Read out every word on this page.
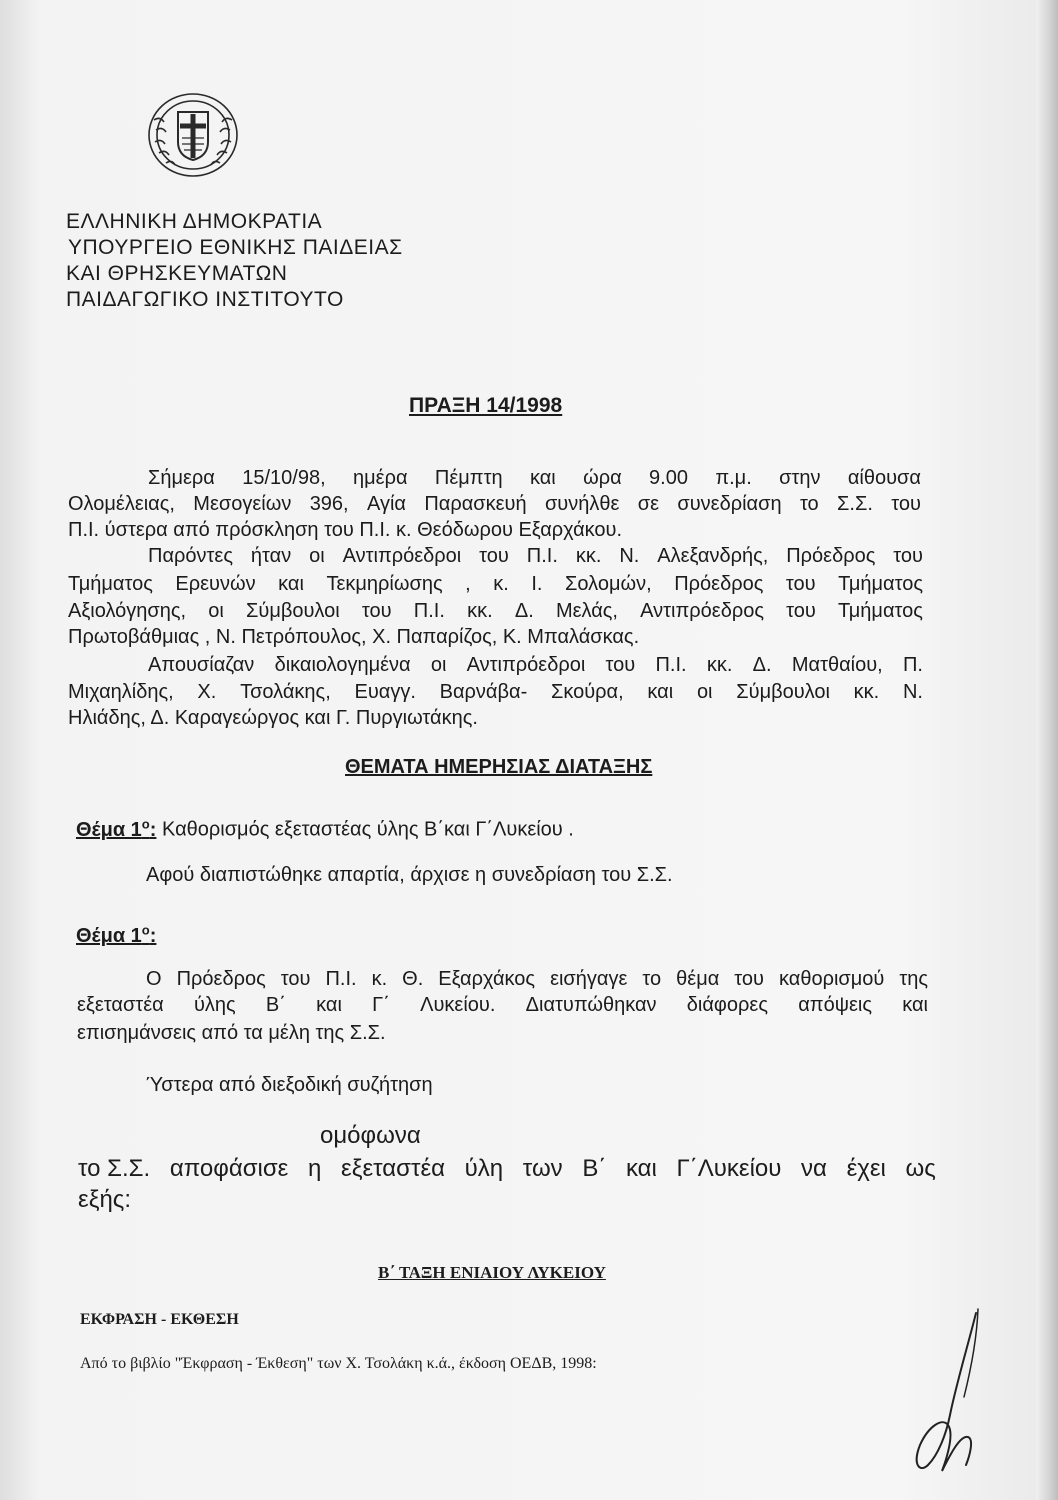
ΕΛΛΗΝΙΚΗ ΔΗΜΟΚΡΑΤΙΑ
ΥΠΟΥΡΓΕΙΟ ΕΘΝΙΚΗΣ ΠΑΙΔΕΙΑΣ
ΚΑΙ ΘΡΗΣΚΕΥΜΑΤΩΝ
ΠΑΙΔΑΓΩΓΙΚΟ ΙΝΣΤΙΤΟΥΤΟ
ΠΡΑΞΗ 14/1998
Σήμερα 15/10/98, ημέρα Πέμπτη και ώρα 9.00 π.μ. στην αίθουσα
Ολομέλειας, Μεσογείων 396, Αγία Παρασκευή συνήλθε σε συνεδρίαση το Σ.Σ. του
Π.Ι. ύστερα από πρόσκληση του Π.Ι. κ. Θεόδωρου Εξαρχάκου.
Παρόντες ήταν οι Αντιπρόεδροι του Π.Ι. κκ. Ν. Αλεξανδρής, Πρόεδρος του
Τμήματος Ερευνών και Τεκμηρίωσης , κ. Ι. Σολομών, Πρόεδρος του Τμήματος
Αξιολόγησης, οι Σύμβουλοι του Π.Ι. κκ. Δ. Μελάς, Αντιπρόεδρος του Τμήματος
Πρωτοβάθμιας , Ν. Πετρόπουλος, Χ. Παπαρίζος, Κ. Μπαλάσκας.
Απουσίαζαν δικαιολογημένα οι Αντιπρόεδροι του Π.Ι. κκ. Δ. Ματθαίου, Π.
Μιχαηλίδης, Χ. Τσολάκης, Ευαγγ. Βαρνάβα- Σκούρα, και οι Σύμβουλοι κκ. Ν.
Ηλιάδης, Δ. Καραγεώργος και Γ. Πυργιωτάκης.
ΘΕΜΑΤΑ ΗΜΕΡΗΣΙΑΣ ΔΙΑΤΑΞΗΣ
Θέμα $1^o$: Καθορισμός εξεταστέας ύλης Β΄και Γ΄Λυκείου .
Αφού διαπιστώθηκε απαρτία, άρχισε η συνεδρίαση του Σ.Σ.
Θέμα $1^o$:
Ο Πρόεδρος του Π.Ι. κ. Θ. Εξαρχάκος εισήγαγε το θέμα του καθορισμού της
εξεταστέα ύλης Β΄ και Γ΄ Λυκείου. Διατυπώθηκαν διάφορες απόψεις και
επισημάνσεις από τα μέλη της Σ.Σ.
Ύστερα από διεξοδική συζήτηση
ομόφωνα
το Σ.Σ. αποφάσισε η εξεταστέα ύλη των Β΄ και Γ΄Λυκείου να έχει ως
εξής:
Β΄ ΤΑΞΗ ΕΝΙΑΙΟΥ ΛΥΚΕΙΟΥ
ΕΚΦΡΑΣΗ - ΕΚΘΕΣΗ
Από το βιβλίο "Έκφραση - Έκθεση" των Χ. Τσολάκη κ.ά., έκδοση ΟΕΔΒ, 1998:
